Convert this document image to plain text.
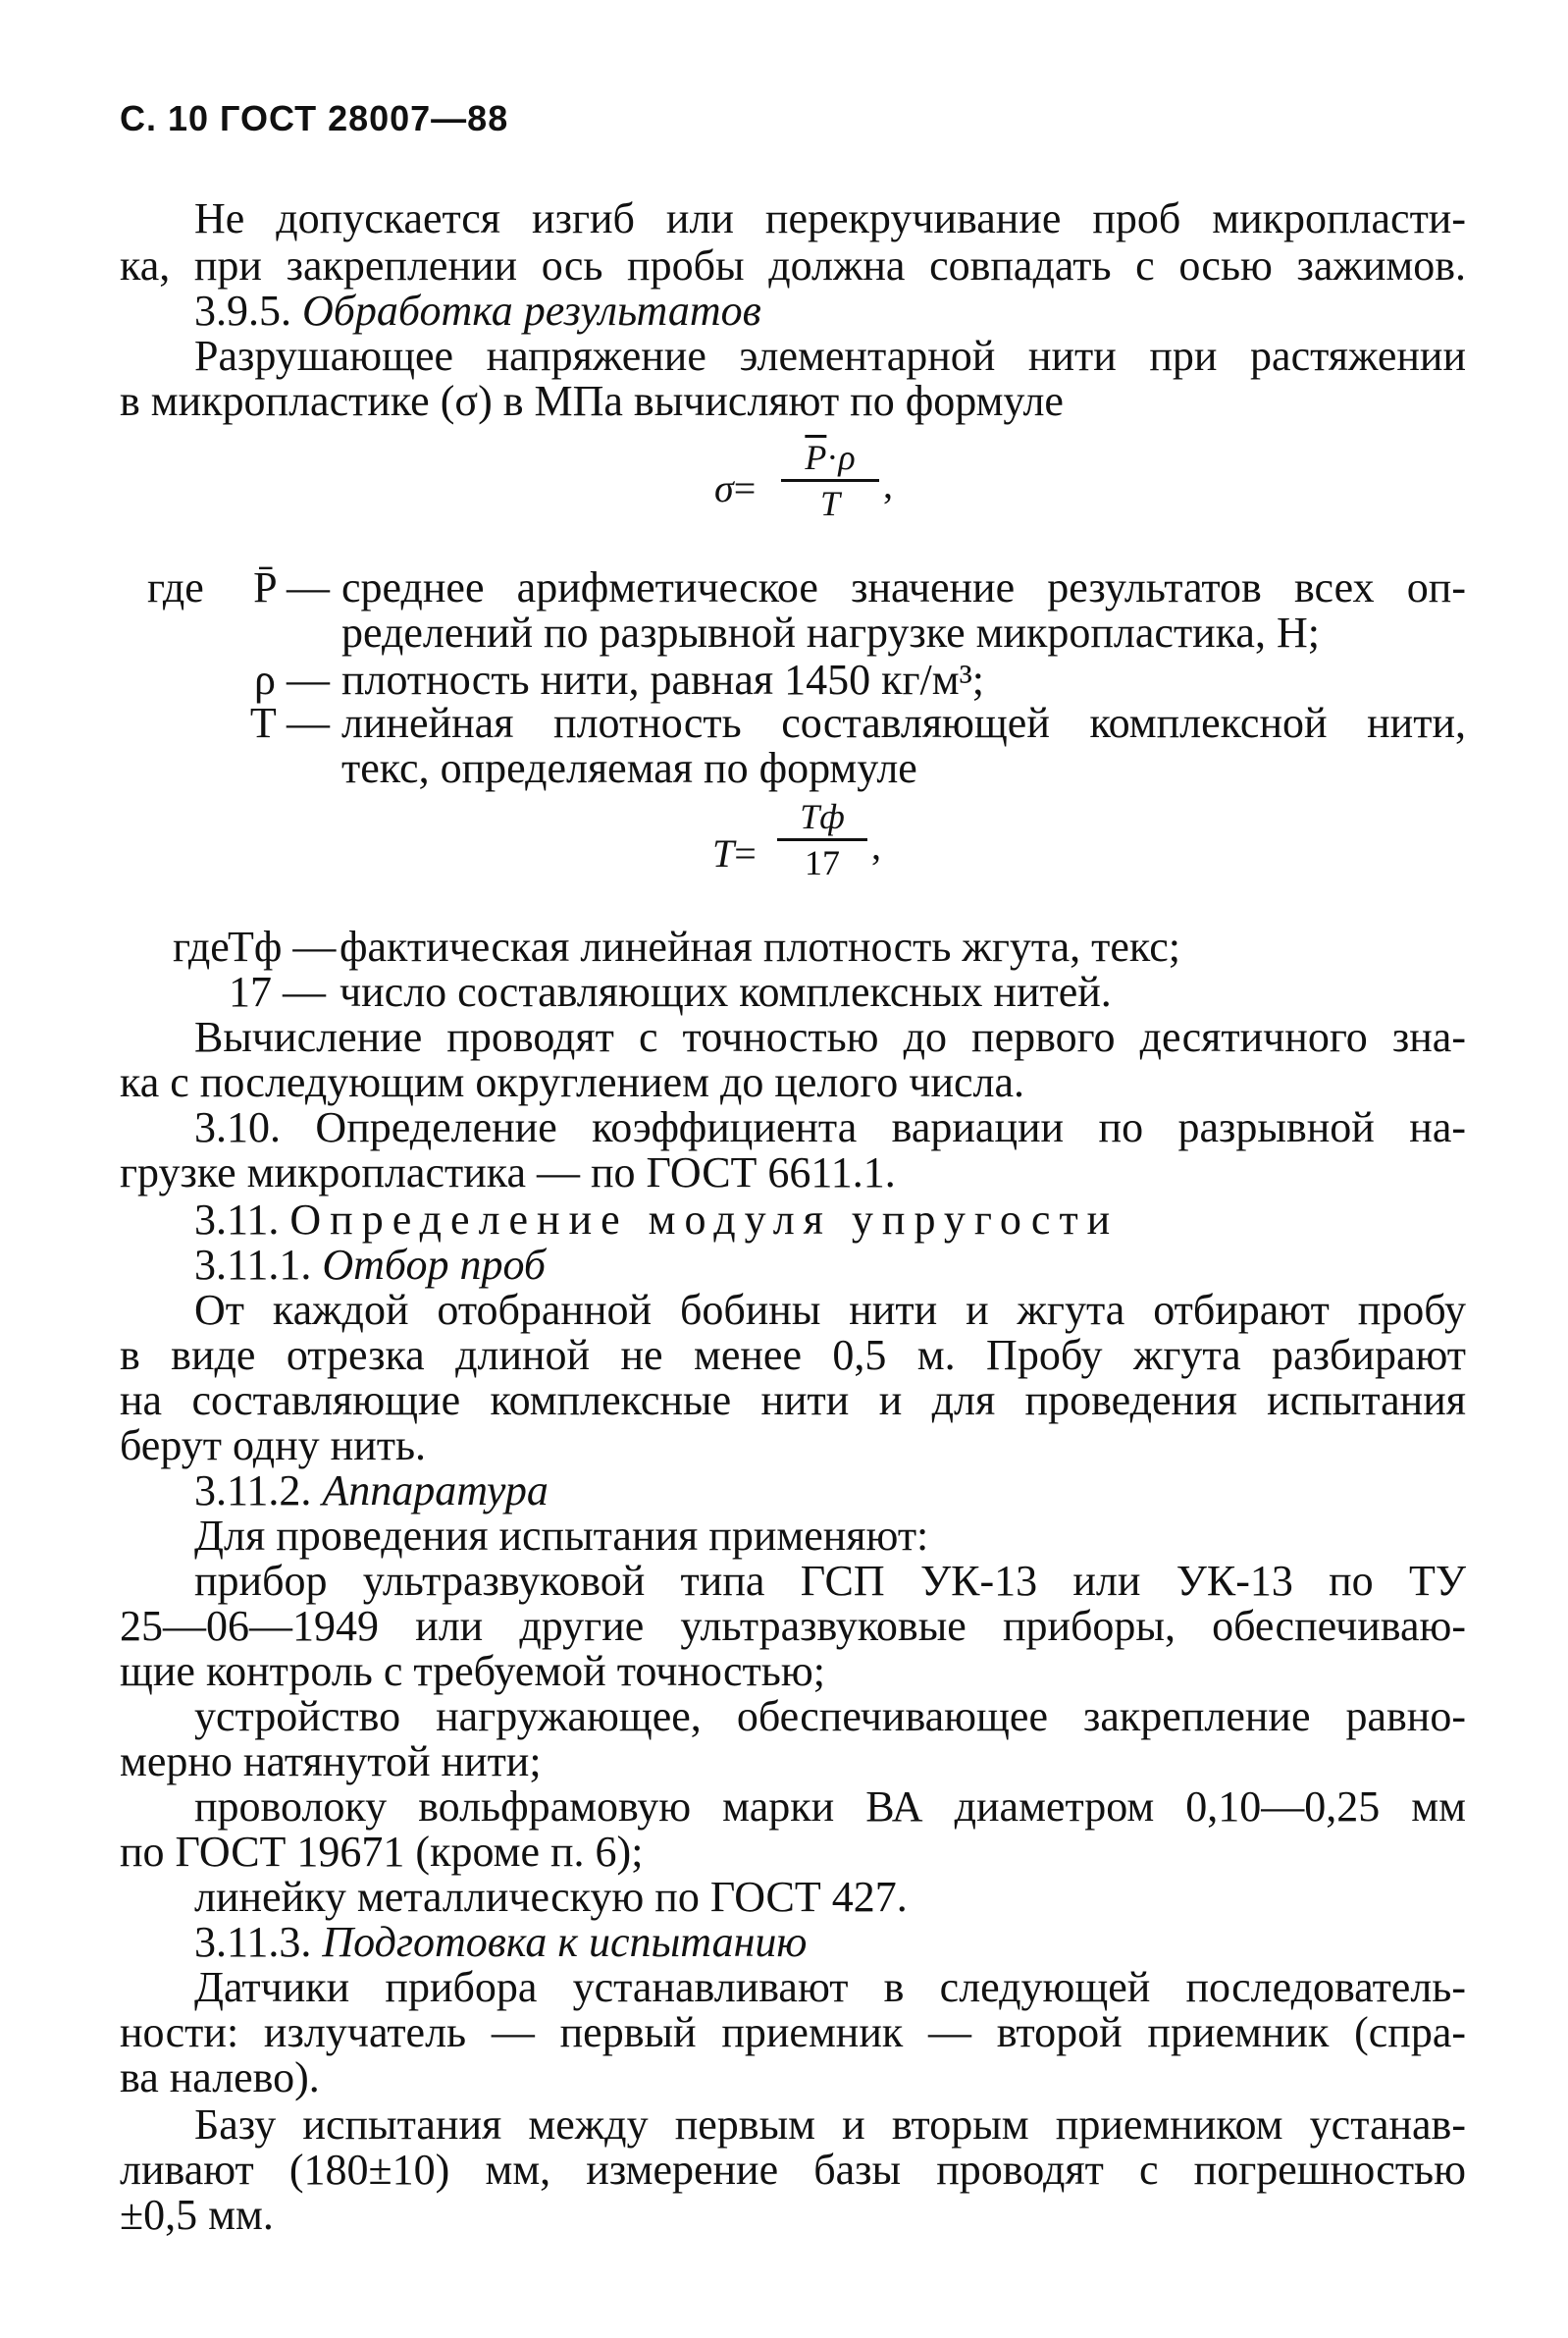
С. 10 ГОСТ 28007—88
Не допускается изгиб или перекручивание проб микропласти-
ка, при закреплении ось пробы должна совпадать с осью зажимов.
3.9.5. Обработка результатов
Разрушающее напряжение элементарной нити при растяжении
в микропластике (σ) в МПа вычисляют по формуле
σ=
$\overline{P}\cdot\rho$
T	,
где	P̄ — среднее арифметическое значение результатов всех оп-
ределений по разрывной нагрузке микропластика, Н;
ρ — плотность нити, равная 1450 кг/м³;
T — линейная плотность составляющей комплексной нити,
текс, определяемая по формуле
T=
Tф
17 ,
где
Tф — фактическая линейная плотность жгута, текс;
17 — число составляющих комплексных нитей.
Вычисление проводят с точностью до первого десятичного зна-
ка с последующим округлением до целого числа.
3.10. Определение коэффициента вариации по разрывной на-
грузке микропластика — по ГОСТ 6611.1.
3.11. Определение модуля упругости
3.11.1. Отбор проб
От каждой отобранной бобины нити и жгута отбирают пробу
в виде отрезка длиной не менее 0,5 м. Пробу жгута разбирают
на составляющие комплексные нити и для проведения испытания
берут одну нить.
3.11.2. Аппаратура
Для проведения испытания применяют:
прибор ультразвуковой типа ГСП УК-13 или УК-13 по ТУ
25—06—1949 или другие ультразвуковые приборы, обеспечиваю-
щие контроль с требуемой точностью;
устройство нагружающее, обеспечивающее закрепление равно-
мерно натянутой нити;
проволоку вольфрамовую марки ВА диаметром 0,10—0,25 мм
по ГОСТ 19671 (кроме п. 6);
линейку металлическую по ГОСТ 427.
3.11.3. Подготовка к испытанию
Датчики прибора устанавливают в следующей последователь-
ности: излучатель — первый приемник — второй приемник (спра-
ва налево).
Базу испытания между первым и вторым приемником устанав-
ливают (180±10) мм, измерение базы проводят с погрешностью
±0,5 мм.
